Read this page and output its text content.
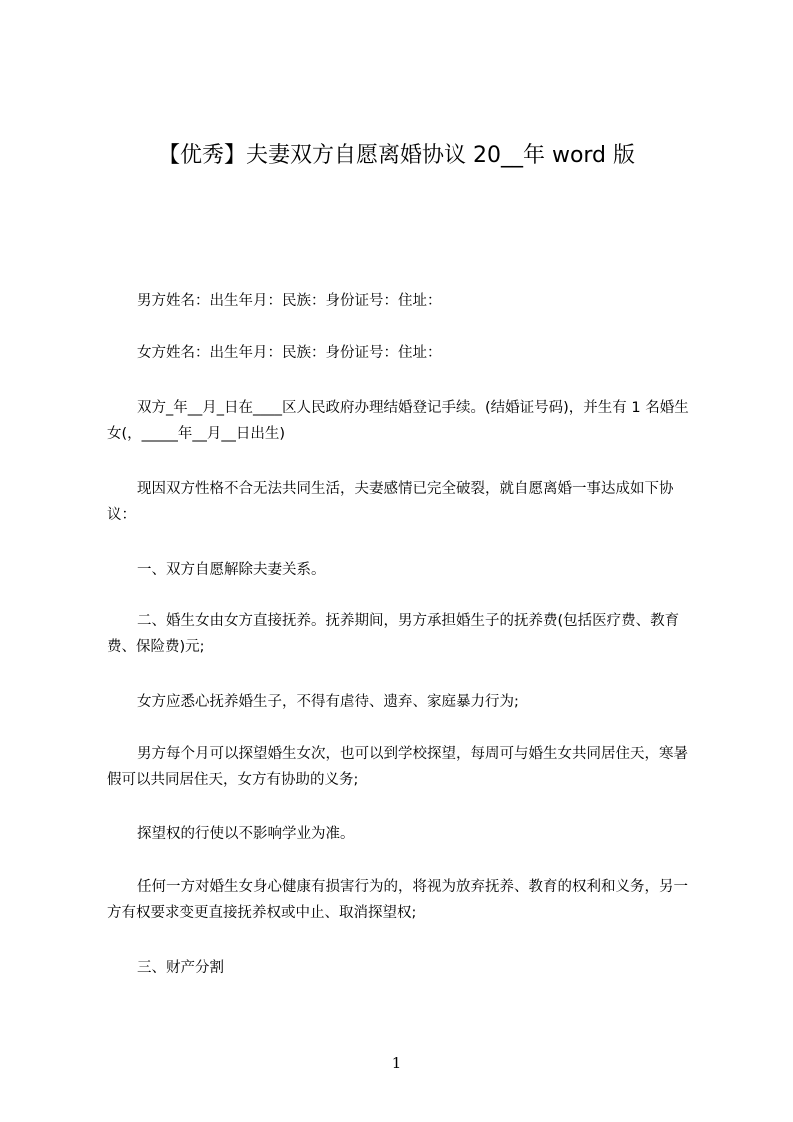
【优秀】夫妻双方自愿离婚协议 20__年 word 版

男方姓名：出生年月：民族：身份证号：住址：

女方姓名：出生年月：民族：身份证号：住址：

双方_年__月_日在____区人民政府办理结婚登记手续。(结婚证号码)，并生有 1 名婚生女(，_____年__月__日出生)

现因双方性格不合无法共同生活，夫妻感情已完全破裂，就自愿离婚一事达成如下协议：

一、双方自愿解除夫妻关系。

二、婚生女由女方直接抚养。抚养期间，男方承担婚生子的抚养费(包括医疗费、教育费、保险费)元;

女方应悉心抚养婚生子，不得有虐待、遗弃、家庭暴力行为;

男方每个月可以探望婚生女次，也可以到学校探望，每周可与婚生女共同居住天，寒暑假可以共同居住天，女方有协助的义务;

探望权的行使以不影响学业为准。

任何一方对婚生女身心健康有损害行为的，将视为放弃抚养、教育的权利和义务，另一方有权要求变更直接抚养权或中止、取消探望权;

三、财产分割

1
